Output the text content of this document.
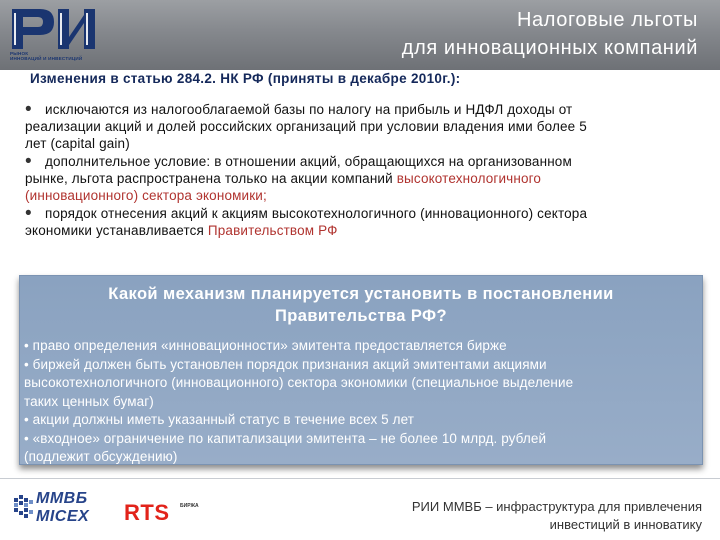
РЫНОК
ИННОВАЦИЙ И ИНВЕСТИЦИЙ
Налоговые льготы
для инновационных компаний
Изменения в статью 284.2. НК РФ (приняты в декабре 2010г.):
• исключаются из налогооблагаемой базы по налогу на прибыль и НДФЛ доходы от
реализации акций и долей российских организаций при условии владения ими более 5
лет (capital gain)
• дополнительное условие: в отношении акций, обращающихся на организованном
рынке, льгота распространена только на акции компаний высокотехнологичного
(инновационного) сектора экономики;
• порядок отнесения акций к акциям высокотехнологичного (инновационного) сектора
экономики устанавливается Правительством РФ
Какой механизм планируется установить в постановлении
Правительства РФ?
• право определения «инновационности» эмитента предоставляется бирже
• биржей должен быть установлен порядок признания акций эмитентами акциями
высокотехнологичного (инновационного) сектора экономики (специальное выделение
таких ценных бумаг)
• акции должны иметь указанный статус в течение всех 5 лет
• «входное» ограничение по капитализации эмитента – не более 10 млрд. рублей
(подлежит обсуждению)
ММВБ
MICEX RTS БИРЖА	РИИ ММВБ – инфраструктура для привлечения
инвестиций в инноватику
